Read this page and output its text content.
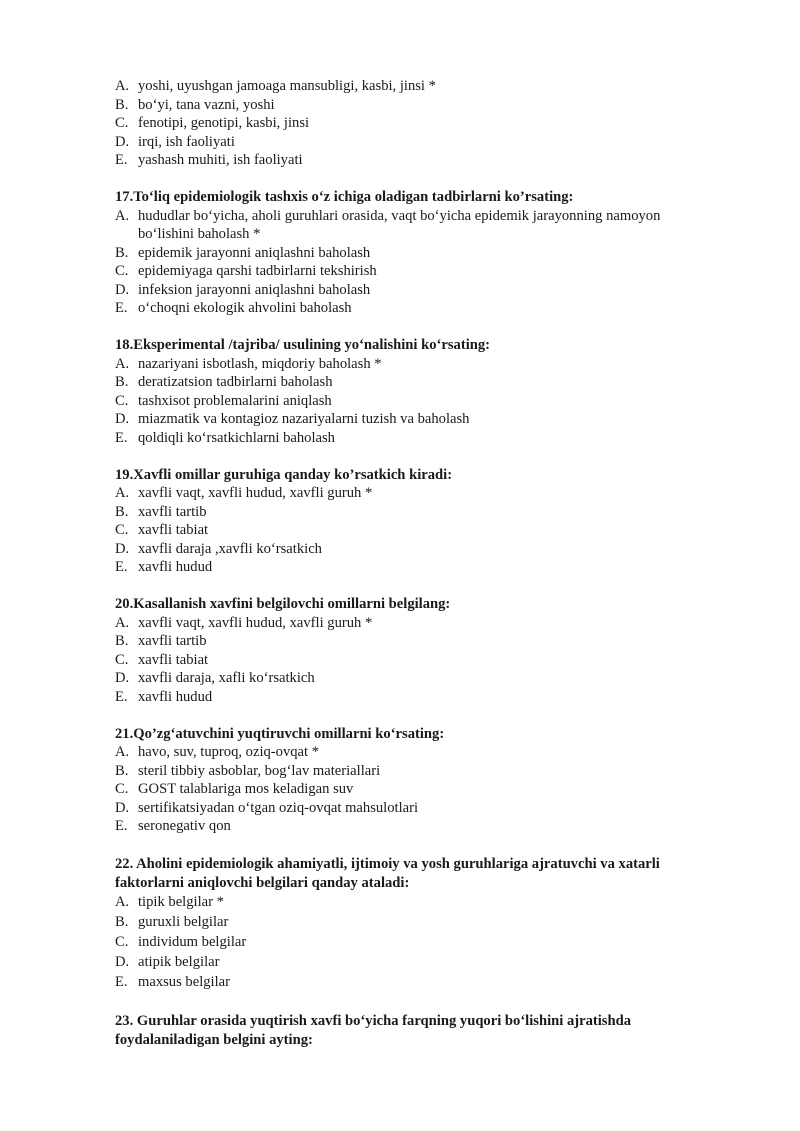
A. yoshi, uyushgan jamoaga mansubligi, kasbi, jinsi *
B. bo‘yi, tana vazni, yoshi
C. fenotipi, genotipi, kasbi, jinsi
D. irqi, ish faoliyati
E. yashash muhiti, ish faoliyati
17.To‘liq epidemiologik tashxis o‘z ichiga oladigan tadbirlarni ko’rsating:
A. hududlar bo‘yicha, aholi guruhlari orasida, vaqt bo‘yicha epidemik jarayonning namoyon
bo‘lishini baholash *
B. epidemik jarayonni aniqlashni baholash
C. epidemiyaga qarshi tadbirlarni tekshirish
D. infeksion jarayonni aniqlashni baholash
E. o‘choqni ekologik ahvolini baholash
18.Eksperimental /tajriba/ usulining yo‘nalishini ko‘rsating:
A. nazariyani isbotlash, miqdoriy baholash *
B. deratizatsion tadbirlarni baholash
C. tashxisot problemalarini aniqlash
D. miazmatik va kontagioz nazariyalarni tuzish va baholash
E. qoldiqli ko‘rsatkichlarni baholash
19.Xavfli omillar guruhiga qanday ko’rsatkich kiradi:
A. xavfli vaqt, xavfli hudud, xavfli guruh *
B. xavfli tartib
C. xavfli tabiat
D. xavfli daraja ,xavfli ko‘rsatkich
E. xavfli hudud
20.Kasallanish xavfini belgilovchi omillarni belgilang:
A. xavfli vaqt, xavfli hudud, xavfli guruh *
B. xavfli tartib
C. xavfli tabiat
D. xavfli daraja, xafli ko‘rsatkich
E. xavfli hudud
21.Qo’zg‘atuvchini yuqtiruvchi omillarni ko‘rsating:
A. havo, suv, tuproq, oziq-ovqat *
B. steril tibbiy asboblar, bog‘lav materiallari
C. GOST talablariga mos keladigan suv
D. sertifikatsiyadan o‘tgan oziq-ovqat mahsulotlari
E. seronegativ qon
22. Aholini epidemiologik ahamiyatli, ijtimoiy va yosh guruhlariga ajratuvchi va xatarli
faktorlarni aniqlovchi belgilari qanday ataladi:
A. tipik belgilar *
B. guruxli belgilar
C. individum belgilar
D. atipik belgilar
E. maxsus belgilar
23. Guruhlar orasida yuqtirish xavfi bo‘yicha farqning yuqori bo‘lishini ajratishda
foydalaniladigan belgini ayting:
